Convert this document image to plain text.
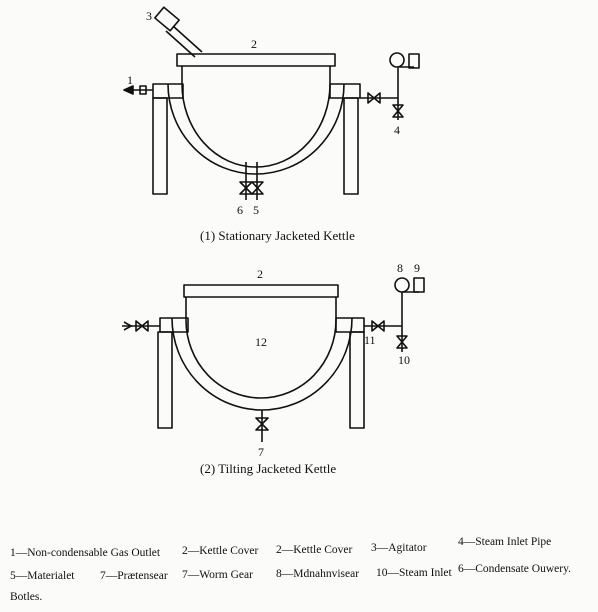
1
2
3
4
6 5
2	8 9
12	11
10
7
(1) Stationary Jacketed Kettle
(2) Tilting Jacketed Kettle
1—Non-condensable Gas Outlet 2—Kettle Cover 2—Kettle Cover 3—Agitator	4—Steam Inlet Pipe
5—Materialet 7—Prætensear 7—Worm Gear 8—Mdnahnvisear 10—Steam Inlet 6—Condensate Ouwery.
Botles.
